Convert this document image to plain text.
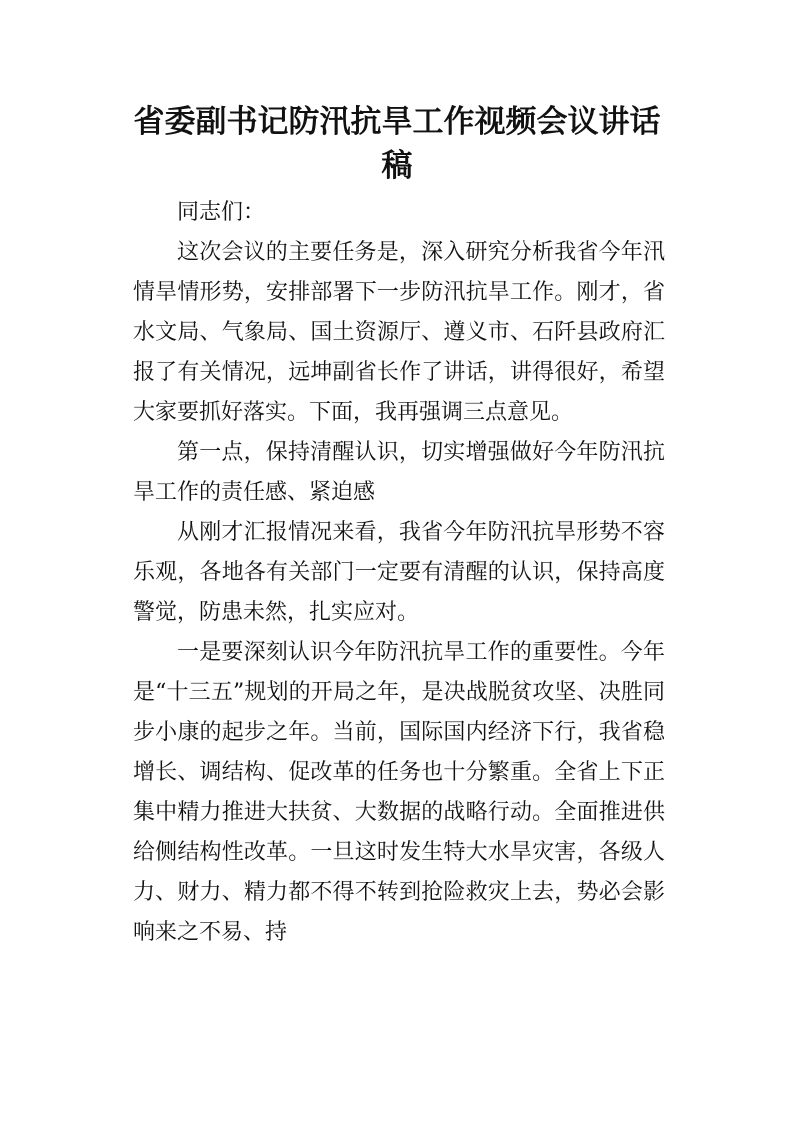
省委副书记防汛抗旱工作视频会议讲话稿

同志们：

这次会议的主要任务是，深入研究分析我省今年汛情旱情形势，安排部署下一步防汛抗旱工作。刚才，省水文局、气象局、国土资源厅、遵义市、石阡县政府汇报了有关情况，远坤副省长作了讲话，讲得很好，希望大家要抓好落实。下面，我再强调三点意见。

第一点，保持清醒认识，切实增强做好今年防汛抗旱工作的责任感、紧迫感

从刚才汇报情况来看，我省今年防汛抗旱形势不容乐观，各地各有关部门一定要有清醒的认识，保持高度警觉，防患未然，扎实应对。

一是要深刻认识今年防汛抗旱工作的重要性。今年是“十三五”规划的开局之年，是决战脱贫攻坚、决胜同步小康的起步之年。当前，国际国内经济下行，我省稳增长、调结构、促改革的任务也十分繁重。全省上下正集中精力推进大扶贫、大数据的战略行动。全面推进供给侧结构性改革。一旦这时发生特大水旱灾害，各级人力、财力、精力都不得不转到抢险救灾上去，势必会影响来之不易、持
